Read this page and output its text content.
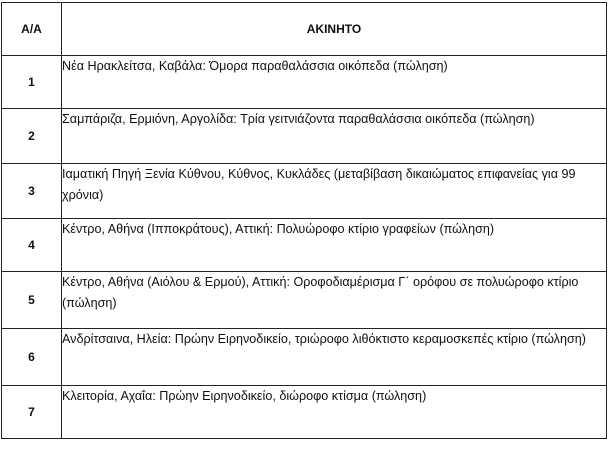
Α/Α	ΑΚΙΝΗΤΟ
1	Νέα Ηρακλείτσα, Καβάλα: Όμορα παραθαλάσσια οικόπεδα (πώληση)
2	Σαμπάριζα, Ερμιόνη, Αργολίδα: Τρία γειτνιάζοντα παραθαλάσσια οικόπεδα (πώληση)
3	Ιαματική Πηγή Ξενία Κύθνου, Κύθνος, Κυκλάδες (μεταβίβαση δικαιώματος επιφανείας για 99 χρόνια)
4	Κέντρο, Αθήνα (Ιπποκράτους), Αττική: Πολυώροφο κτίριο γραφείων (πώληση)
5	Κέντρο, Αθήνα (Αιόλου & Ερμού), Αττική: Οροφοδιαμέρισμα Γ΄ ορόφου σε πολυώροφο κτίριο (πώληση)
6	Ανδρίτσαινα, Ηλεία: Πρώην Ειρηνοδικείο, τριώροφο λιθόκτιστο κεραμοσκεπές κτίριο (πώληση)
7	Κλειτορία, Αχαΐα: Πρώην Ειρηνοδικείο, διώροφο κτίσμα (πώληση)
